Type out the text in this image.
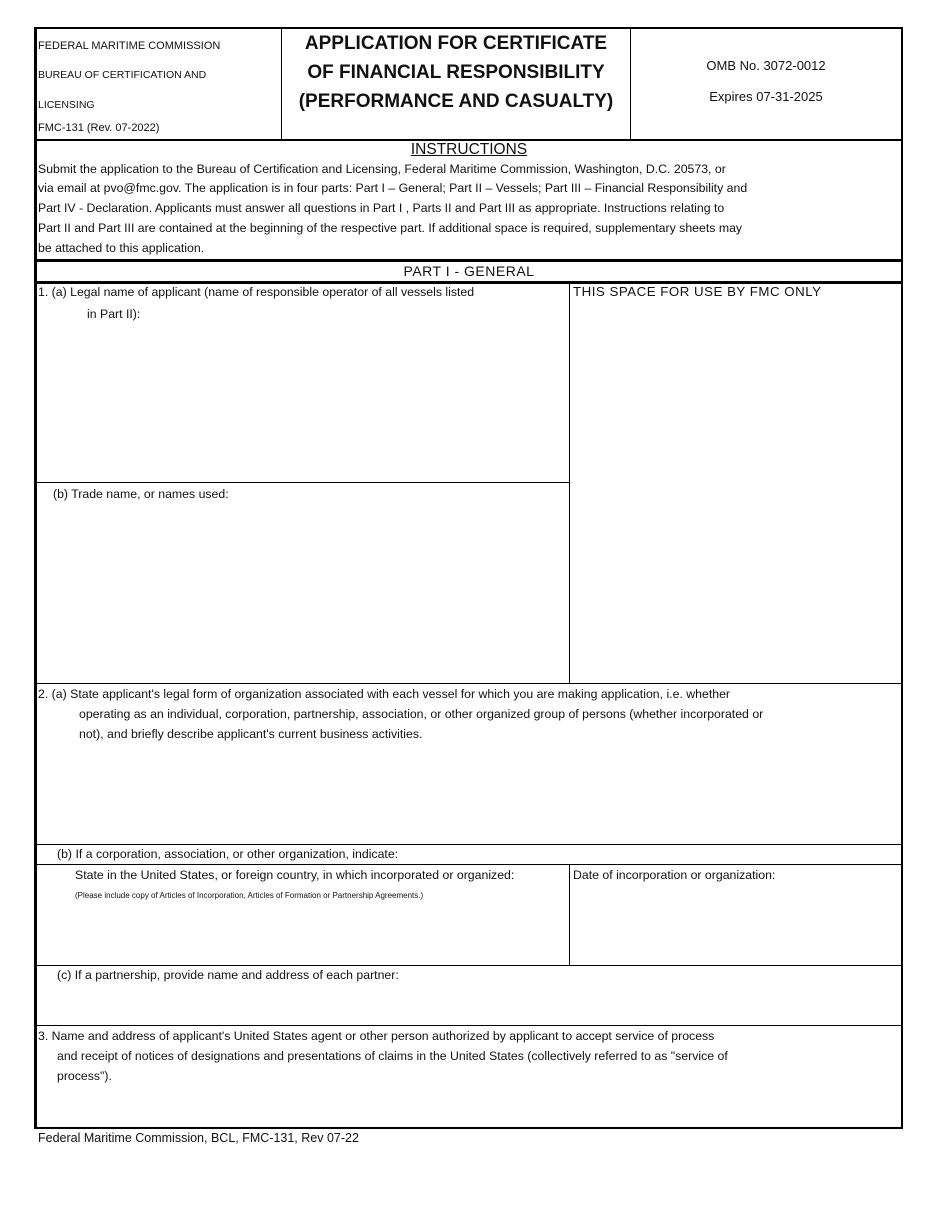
FEDERAL MARITIME COMMISSION
BUREAU OF CERTIFICATION AND
LICENSING
FMC-131 (Rev. 07-2022)
APPLICATION FOR CERTIFICATE
OF FINANCIAL RESPONSIBILITY
(PERFORMANCE AND CASUALTY)
OMB No. 3072-0012
Expires 07-31-2025
INSTRUCTIONS
Submit the application to the Bureau of Certification and Licensing, Federal Maritime Commission, Washington, D.C. 20573, or
via email at pvo@fmc.gov. The application is in four parts: Part I – General; Part II – Vessels; Part III – Financial Responsibility and
Part IV - Declaration. Applicants must answer all questions in Part I , Parts II and Part III as appropriate. Instructions relating to
Part II and Part III are contained at the beginning of the respective part. If additional space is required, supplementary sheets may
be attached to this application.
PART I - GENERAL
1. (a) Legal name of applicant (name of responsible operator of all vessels listed
in Part II):
THIS SPACE FOR USE BY FMC ONLY
(b) Trade name, or names used:
2. (a) State applicant's legal form of organization associated with each vessel for which you are making application, i.e. whether
operating as an individual, corporation, partnership, association, or other organized group of persons (whether incorporated or
not), and briefly describe applicant's current business activities.
(b) If a corporation, association, or other organization, indicate:
State in the United States, or foreign country, in which incorporated or organized:
(Please include copy of Articles of Incorporation, Articles of Formation or Partnership Agreements.)
Date of incorporation or organization:
(c) If a partnership, provide name and address of each partner:
3. Name and address of applicant's United States agent or other person authorized by applicant to accept service of process
and receipt of notices of designations and presentations of claims in the United States (collectively referred to as "service of
process").
Federal Maritime Commission, BCL, FMC-131, Rev 07-22
